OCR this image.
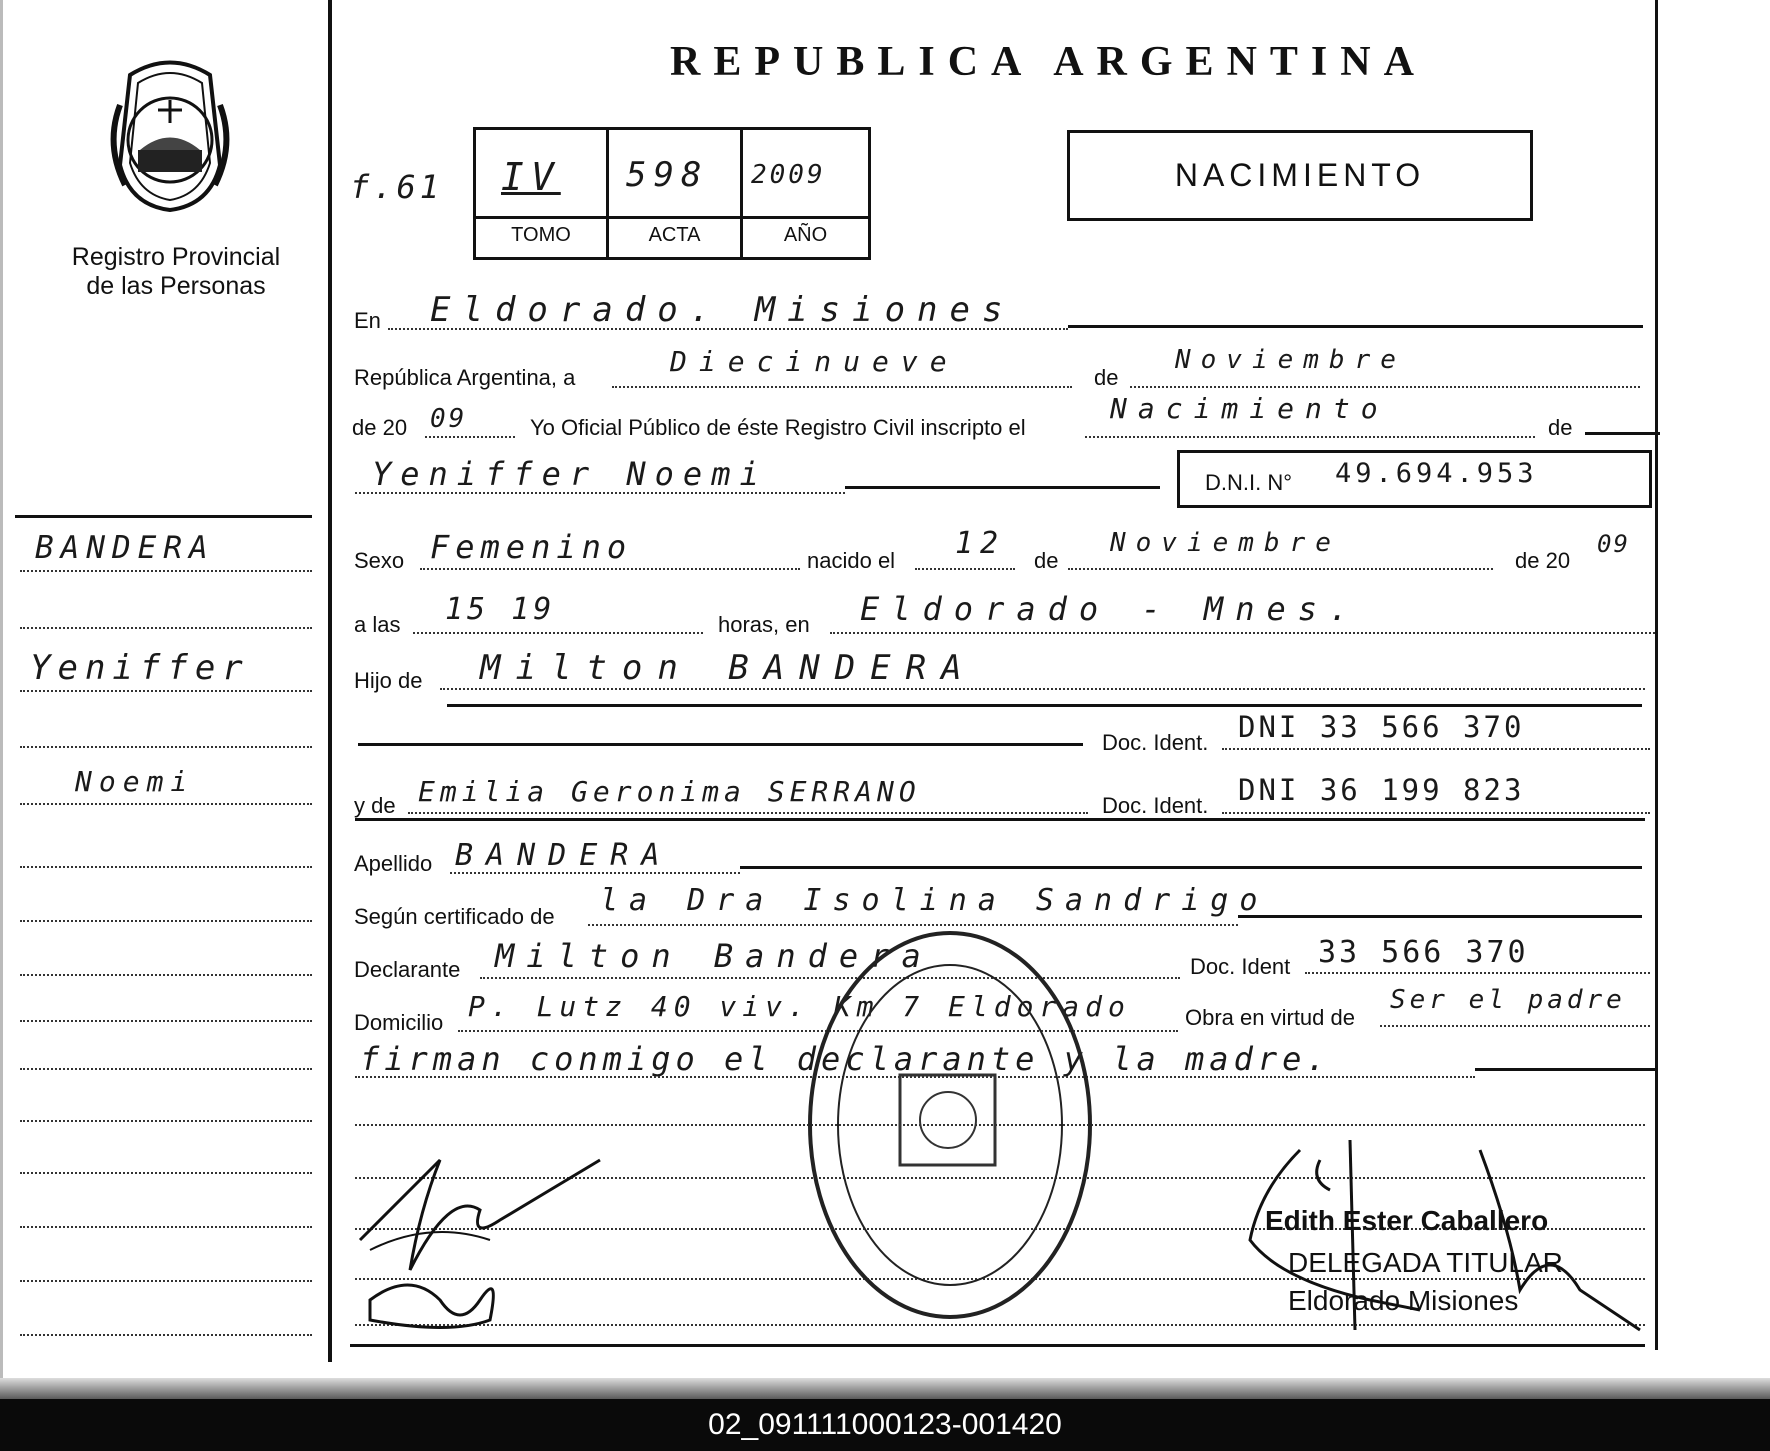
Registro Provincial
de las Personas
BANDERA
Yeniffer
Noemi
REPUBLICA ARGENTINA
f.61 IV 598 2009
TOMO	ACTA	AÑO
NACIMIENTO
En Eldorado. Misiones
República Argentina, a	Diecinueve	de
Noviembre
de 20 09	Yo Oficial Público de éste Registro Civil inscripto el
Nacimiento
de
Yeniffer Noemi	D.N.I. N° 49.694.953
Sexo Femenino	nacido el 12 de
Noviembre
de 20
09
a las 15 19	horas, en Eldorado - Mnes.
Hijo de Milton BANDERA
Doc. Ident. DNI 33 566 370
y de Emilia Geronima SERRANO	Doc. Ident. DNI 36 199 823
Apellido BANDERA
Según certificado de la Dra Isolina Sandrigo
Declarante Milton Bandera	Doc. Ident 33 566 370
Domicilio P. Lutz 40 viv. Km 7 Eldorado Obra en virtud de
Ser el padre
firman conmigo el declarante y la madre.
Edith Ester Caballero
DELEGADA TITULAR
Eldorado Misiones
02_091111000123-001420
